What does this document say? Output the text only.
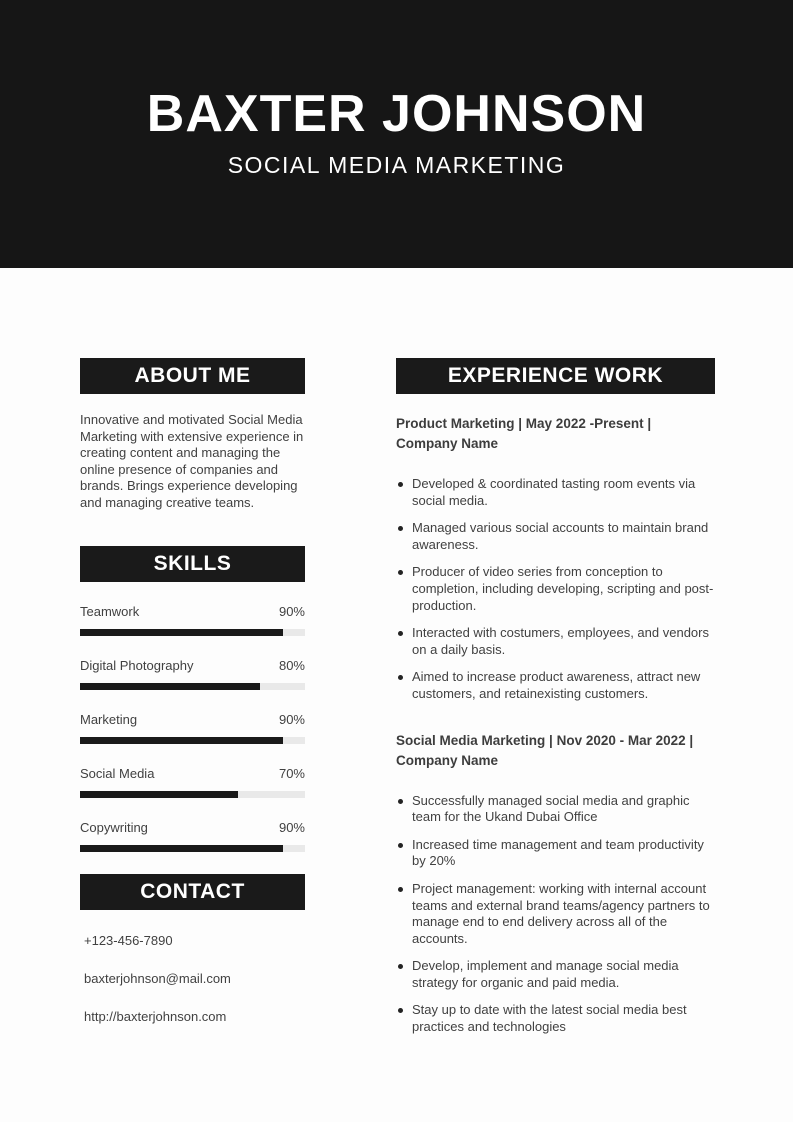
BAXTER JOHNSON
SOCIAL MEDIA MARKETING
ABOUT ME
Innovative and motivated Social Media Marketing with extensive experience in creating content and managing the online presence of companies and brands. Brings experience developing and managing creative teams.
SKILLS
Teamwork	90%
Digital Photography	80%
Marketing	90%
Social Media	70%
Copywriting	90%
CONTACT
+123-456-7890
baxterjohnson@mail.com
http://baxterjohnson.com
EXPERIENCE WORK
Product Marketing | May 2022 -Present | Company Name
Developed & coordinated tasting room events via social media.
Managed various social accounts to maintain brand awareness.
Producer of video series from conception to completion, including developing, scripting and post-production.
Interacted with costumers, employees, and vendors on a daily basis.
Aimed to increase product awareness, attract new customers, and retainexisting customers.
Social Media Marketing | Nov 2020 - Mar 2022 | Company Name
Successfully managed social media and graphic team for the Ukand Dubai Office
Increased time management and team productivity by 20%
Project management: working with internal account teams and external brand teams/agency partners to manage end to end delivery across all of the accounts.
Develop, implement and manage social media strategy for organic and paid media.
Stay up to date with the latest social media best practices and technologies
